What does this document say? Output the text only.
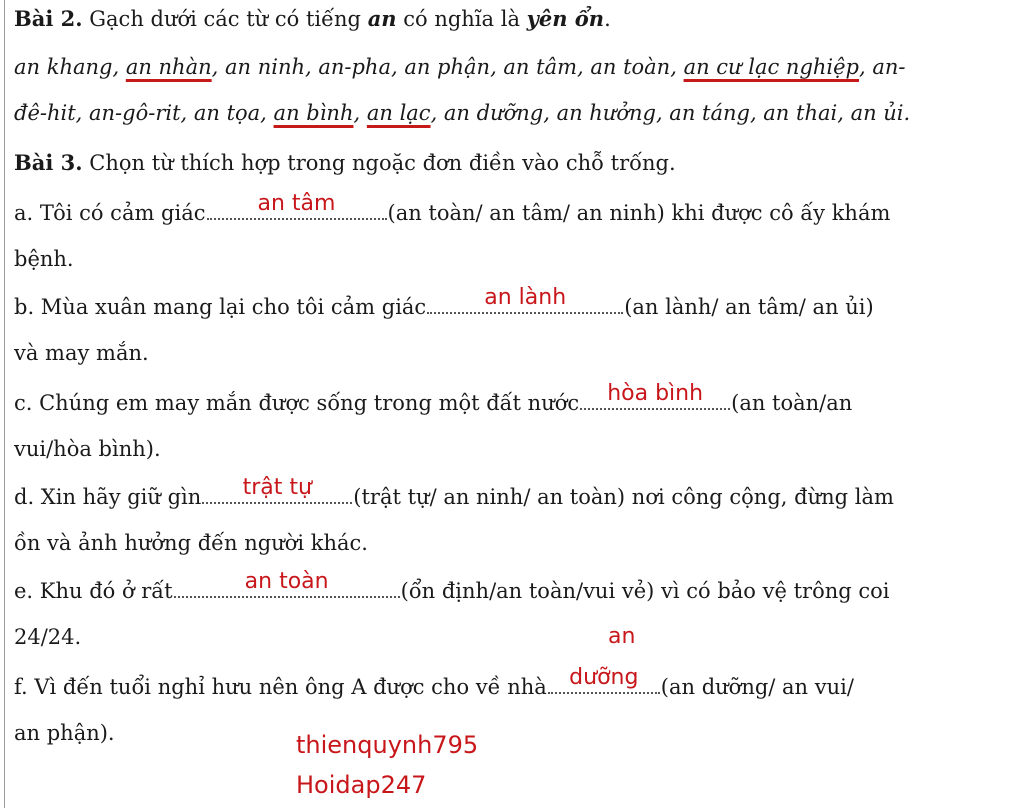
Bài 2. Gạch dưới các từ có tiếng an có nghĩa là yên ổn.
an khang, an nhàn, an ninh, an-pha, an phận, an tâm, an toàn, an cư lạc nghiệp, an-
đê-hit, an-gô-rit, an tọa, an bình, an lạc, an dưỡng, an hưởng, an táng, an thai, an ủi.
Bài 3. Chọn từ thích hợp trong ngoặc đơn điền vào chỗ trống.
a. Tôi có cảm giác an tâm (an toàn/ an tâm/ an ninh) khi được cô ấy khám
bệnh.
b. Mùa xuân mang lại cho tôi cảm giác	an lành	(an lành/ an tâm/ an ủi)
và may mắn.
c. Chúng em may mắn được sống trong một đất nước hòa bình (an toàn/an
vui/hòa bình).
d. Xin hãy giữ gìn trật tự (trật tự/ an ninh/ an toàn) nơi công cộng, đừng làm
ồn và ảnh hưởng đến người khác.
e. Khu đó ở rất	an toàn	(ổn định/an toàn/vui vẻ) vì có bảo vệ trông coi
24/24.	an
f. Vì đến tuổi nghỉ hưu nên ông A được cho về nhà dưỡng (an dưỡng/ an vui/
an phận).	thienquynh795
Hoidap247
